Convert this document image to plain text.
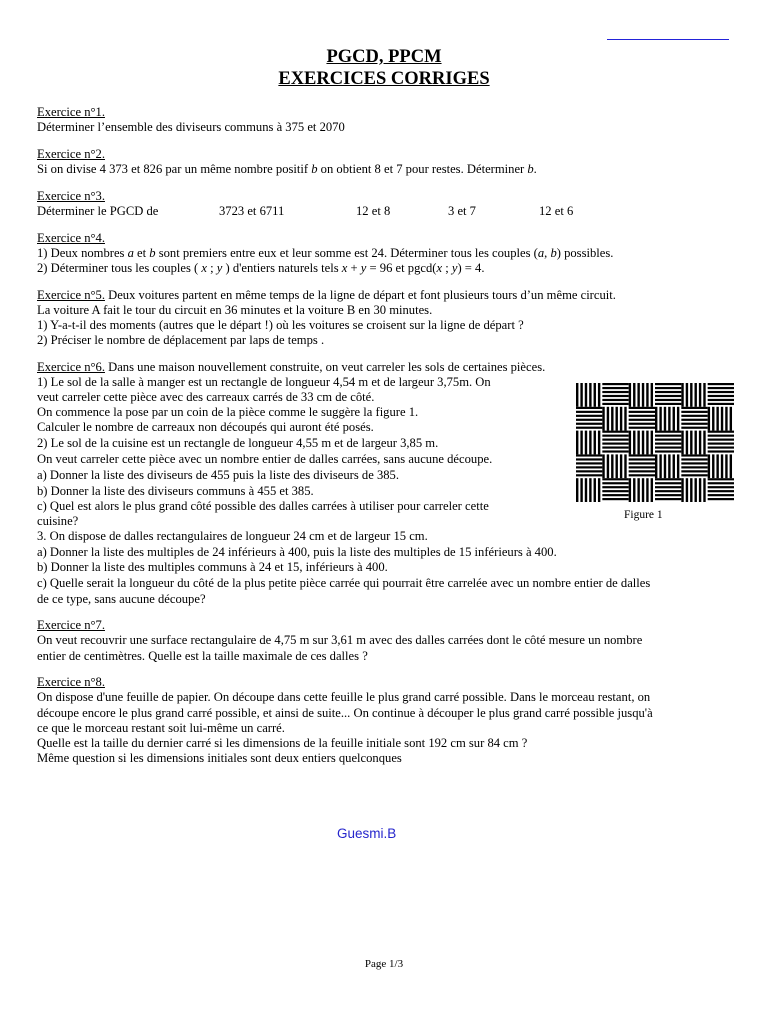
PGCD, PPCM
EXERCICES CORRIGES
Exercice n°1.
Déterminer l’ensemble des diviseurs communs à 375 et 2070
Exercice n°2.
Si on divise 4 373 et 826 par un même nombre positif b on obtient 8 et 7 pour restes. Déterminer b.
Exercice n°3.
Déterminer le PGCD de	3723 et 6711	12 et 8	3 et 7	12 et 6
Exercice n°4.
1) Deux nombres a et b sont premiers entre eux et leur somme est 24. Déterminer tous les couples (a, b) possibles.
2) Déterminer tous les couples ( x ; y ) d'entiers naturels tels x + y = 96 et pgcd(x ; y) = 4.
Exercice n°5. Deux voitures partent en même temps de la ligne de départ et font plusieurs tours d’un même circuit.
La voiture A fait le tour du circuit en 36 minutes et la voiture B en 30 minutes.
1) Y-a-t-il des moments (autres que le départ !) où les voitures se croisent sur la ligne de départ ?
2) Préciser le nombre de déplacement par laps de temps .
Exercice n°6. Dans une maison nouvellement construite, on veut carreler les sols de certaines pièces.
1) Le sol de la salle à manger est un rectangle de longueur 4,54 m et de largeur 3,75m. On
veut carreler cette pièce avec des carreaux carrés de 33 cm de côté.
On commence la pose par un coin de la pièce comme le suggère la figure 1.
Calculer le nombre de carreaux non découpés qui auront été posés.
2) Le sol de la cuisine est un rectangle de longueur 4,55 m et de largeur 3,85 m.
On veut carreler cette pièce avec un nombre entier de dalles carrées, sans aucune découpe.
a) Donner la liste des diviseurs de 455 puis la liste des diviseurs de 385.
b) Donner la liste des diviseurs communs à 455 et 385.
c) Quel est alors le plus grand côté possible des dalles carrées à utiliser pour carreler cette
cuisine?
3. On dispose de dalles rectangulaires de longueur 24 cm et de largeur 15 cm.
a) Donner la liste des multiples de 24 inférieurs à 400, puis la liste des multiples de 15 inférieurs à 400.
b) Donner la liste des multiples communs à 24 et 15, inférieurs à 400.
c) Quelle serait la longueur du côté de la plus petite pièce carrée qui pourrait être carrelée avec un nombre entier de dalles
de ce type, sans aucune découpe?
Figure 1
Exercice n°7.
On veut recouvrir une surface rectangulaire de 4,75 m sur 3,61 m avec des dalles carrées dont le côté mesure un nombre
entier de centimètres. Quelle est la taille maximale de ces dalles ?
Exercice n°8.
On dispose d'une feuille de papier. On découpe dans cette feuille le plus grand carré possible. Dans le morceau restant, on
découpe encore le plus grand carré possible, et ainsi de suite... On continue à découper le plus grand carré possible jusqu'à
ce que le morceau restant soit lui-même un carré.
Quelle est la taille du dernier carré si les dimensions de la feuille initiale sont 192 cm sur 84 cm ?
Même question si les dimensions initiales sont deux entiers quelconques
Guesmi.B
Page 1/3
